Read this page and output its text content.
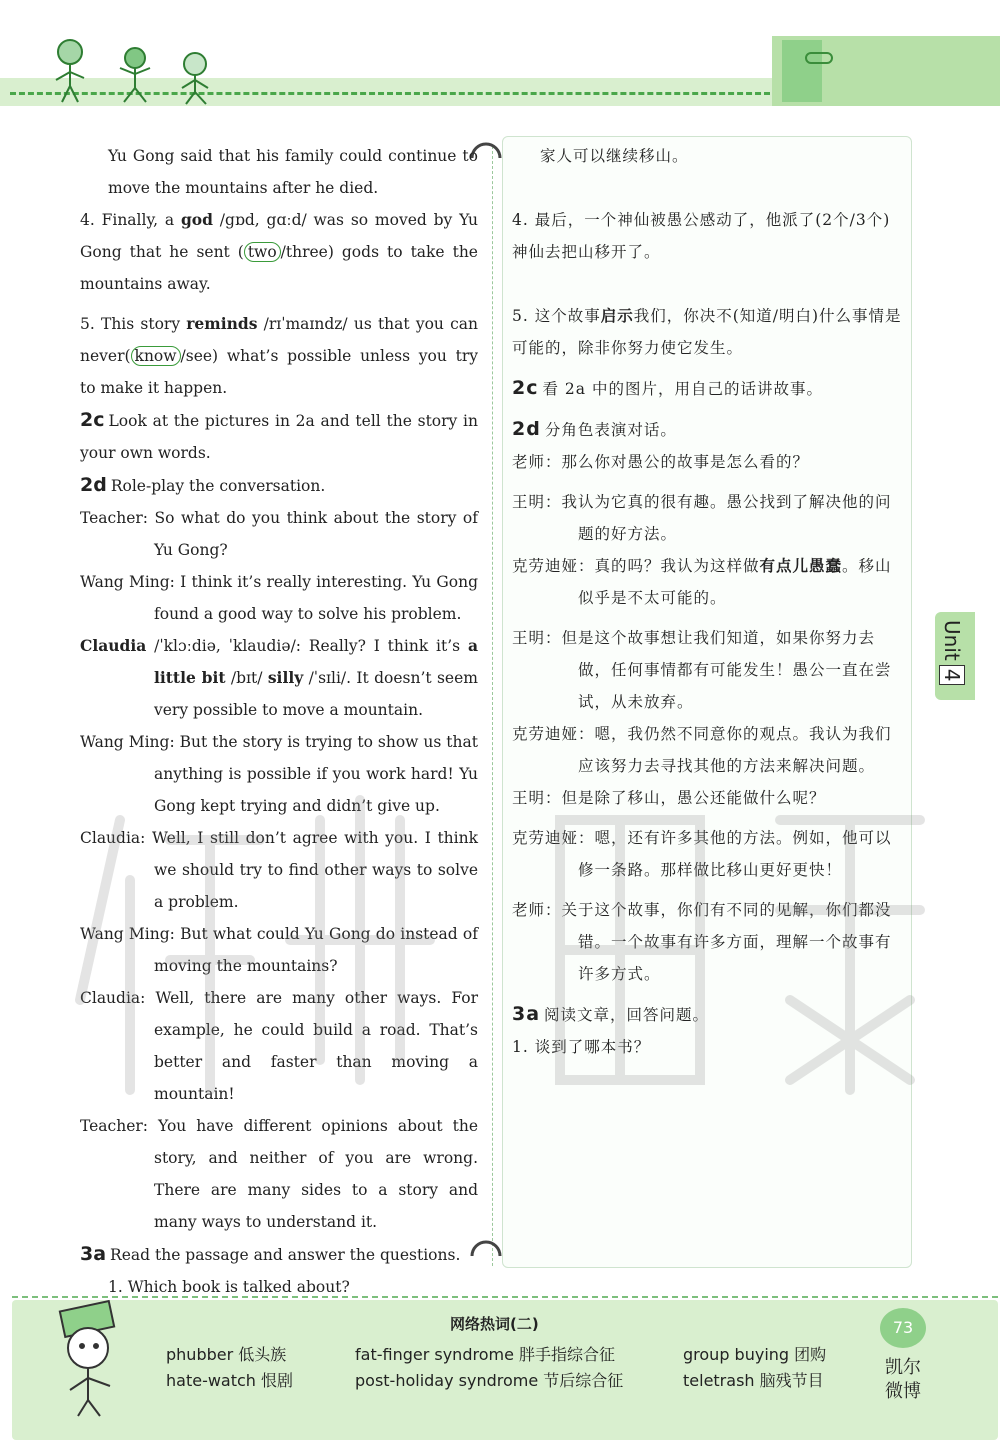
Yu Gong said that his family could continue to move the mountains after he died.

4. Finally, a god /gɒd, gɑːd/ was so moved by Yu Gong that he sent ( two /three) gods to take the mountains away.

5. This story reminds /rɪˈmaɪndz/ us that you can never( know /see) what’s possible unless you try to make it happen.

2c Look at the pictures in 2a and tell the story in your own words.

2d Role-play the conversation.

Teacher: So what do you think about the story of Yu Gong?

Wang Ming: I think it’s really interesting. Yu Gong found a good way to solve his problem.

Claudia /ˈklɔːdiə, ˈklaudiə/: Really? I think it’s a little bit /bɪt/ silly /ˈsɪli/. It doesn’t seem very possible to move a mountain.

Wang Ming: But the story is trying to show us that anything is possible if you work hard! Yu Gong kept trying and didn’t give up.

Claudia: Well, I still don’t agree with you. I think we should try to find other ways to solve a problem.

Wang Ming: But what could Yu Gong do instead of moving the mountains?

Claudia: Well, there are many other ways. For example, he could build a road. That’s better and faster than moving a mountain!

Teacher: You have different opinions about the story, and neither of you are wrong. There are many sides to a story and many ways to understand it.

3a Read the passage and answer the questions.

1. Which book is talked about?

家人可以继续移山。

4. 最后，一个神仙被愚公感动了，他派了(2个/3个)神仙去把山移开了。

5. 这个故事启示我们，你决不(知道/明白)什么事情是可能的，除非你努力使它发生。

2c 看 2a 中的图片，用自己的话讲故事。

2d 分角色表演对话。

老师：那么你对愚公的故事是怎么看的？

王明：我认为它真的很有趣。愚公找到了解决他的问题的好方法。

克劳迪娅：真的吗？我认为这样做有点儿愚蠢。移山似乎是不太可能的。

王明：但是这个故事想让我们知道，如果你努力去做，任何事情都有可能发生！愚公一直在尝试，从未放弃。

克劳迪娅：嗯，我仍然不同意你的观点。我认为我们应该努力去寻找其他的方法来解决问题。

王明：但是除了移山，愚公还能做什么呢？

克劳迪娅：嗯，还有许多其他的方法。例如，他可以修一条路。那样做比移山更好更快！

老师：关于这个故事，你们有不同的见解，你们都没错。一个故事有许多方面，理解一个故事有许多方式。

3a 阅读文章，回答问题。

1. 谈到了哪本书？

Unit4
网络热词(二)
phubber 低头族
hate-watch 恨剧
fat-finger syndrome 胖手指综合征
post-holiday syndrome 节后综合征
group buying 团购
teletrash 脑残节目
73
凯尔微博
